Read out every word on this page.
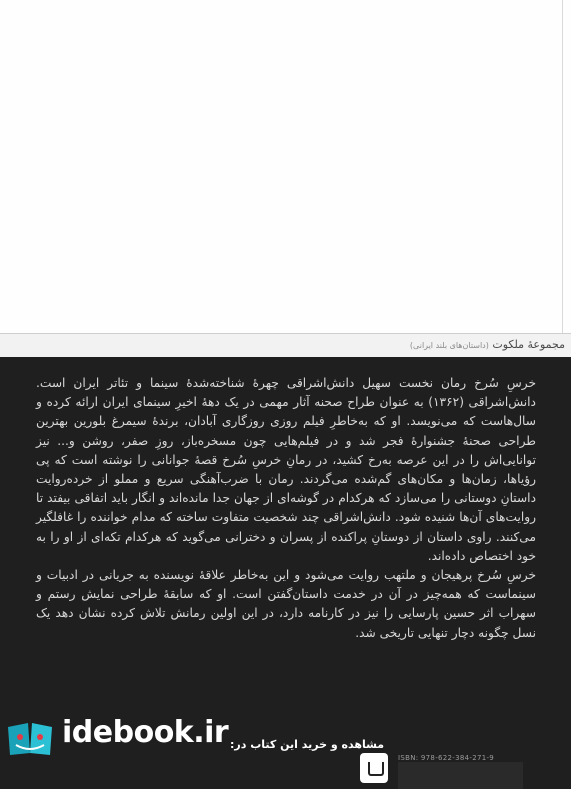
مجموعهٔ ملکوت (داستان‌های بلند ایرانی)

خرسِ سُرخ رمان نخست سهیل دانش‌اشراقی چهرهٔ شناخته‌شدهٔ سینما و تئاتر ایران است. دانش‌اشراقی (۱۳۶۲) به عنوان طراح صحنه آثار مهمی در یک دههٔ اخیرِ سینمای ایران ارائه کرده و سال‌هاست که می‌نویسد. او که به‌خاطرِ فیلم روزی روزگاری آبادان، برندهٔ سیمرغ بلورین بهترین طراحی صحنهٔ جشنوارهٔ فجر شد و در فیلم‌هایی چون مسخره‌باز، روزِ صفر، روشن و... نیز توانایی‌اش را در این عرصه به‌رخ کشید، در رمانِ خرسِ سُرخ قصهٔ جوانانی را نوشته است که پی رؤیاها، زمان‌ها و مکان‌های گم‌شده می‌گردند. رمان با ضرب‌آهنگی سریع و مملو از خرده‌روایت داستانِ دوستانی را می‌سازد که هرکدام در گوشه‌ای از جهان جدا مانده‌اند و انگار باید اتفاقی بیفتد تا روایت‌های آن‌ها شنیده شود. دانش‌اشراقی چند شخصیت متفاوت ساخته که مدام خواننده را غافلگیر می‌کنند. راوی داستان از دوستانِ پراکنده از پسران و دخترانی می‌گوید که هرکدام تکه‌ای از او را به خود اختصاص داده‌اند.

خرسِ سُرخ پرهیجان و ملتهب روایت می‌شود و این به‌خاطر علاقهٔ نویسنده به جریانی در ادبیات و سینماست که همه‌چیز در آن در خدمت داستان‌گفتن است. او که سابقهٔ طراحی نمایش رستم و سهراب اثر حسین پارسایی را نیز در کارنامه دارد، در این اولین رمانش تلاش کرده نشان دهد یک نسل چگونه دچار تنهایی تاریخی شد.

idebook.ir مشاهده و خرید این کتاب در:
ISBN: 978-622-384-271-9
